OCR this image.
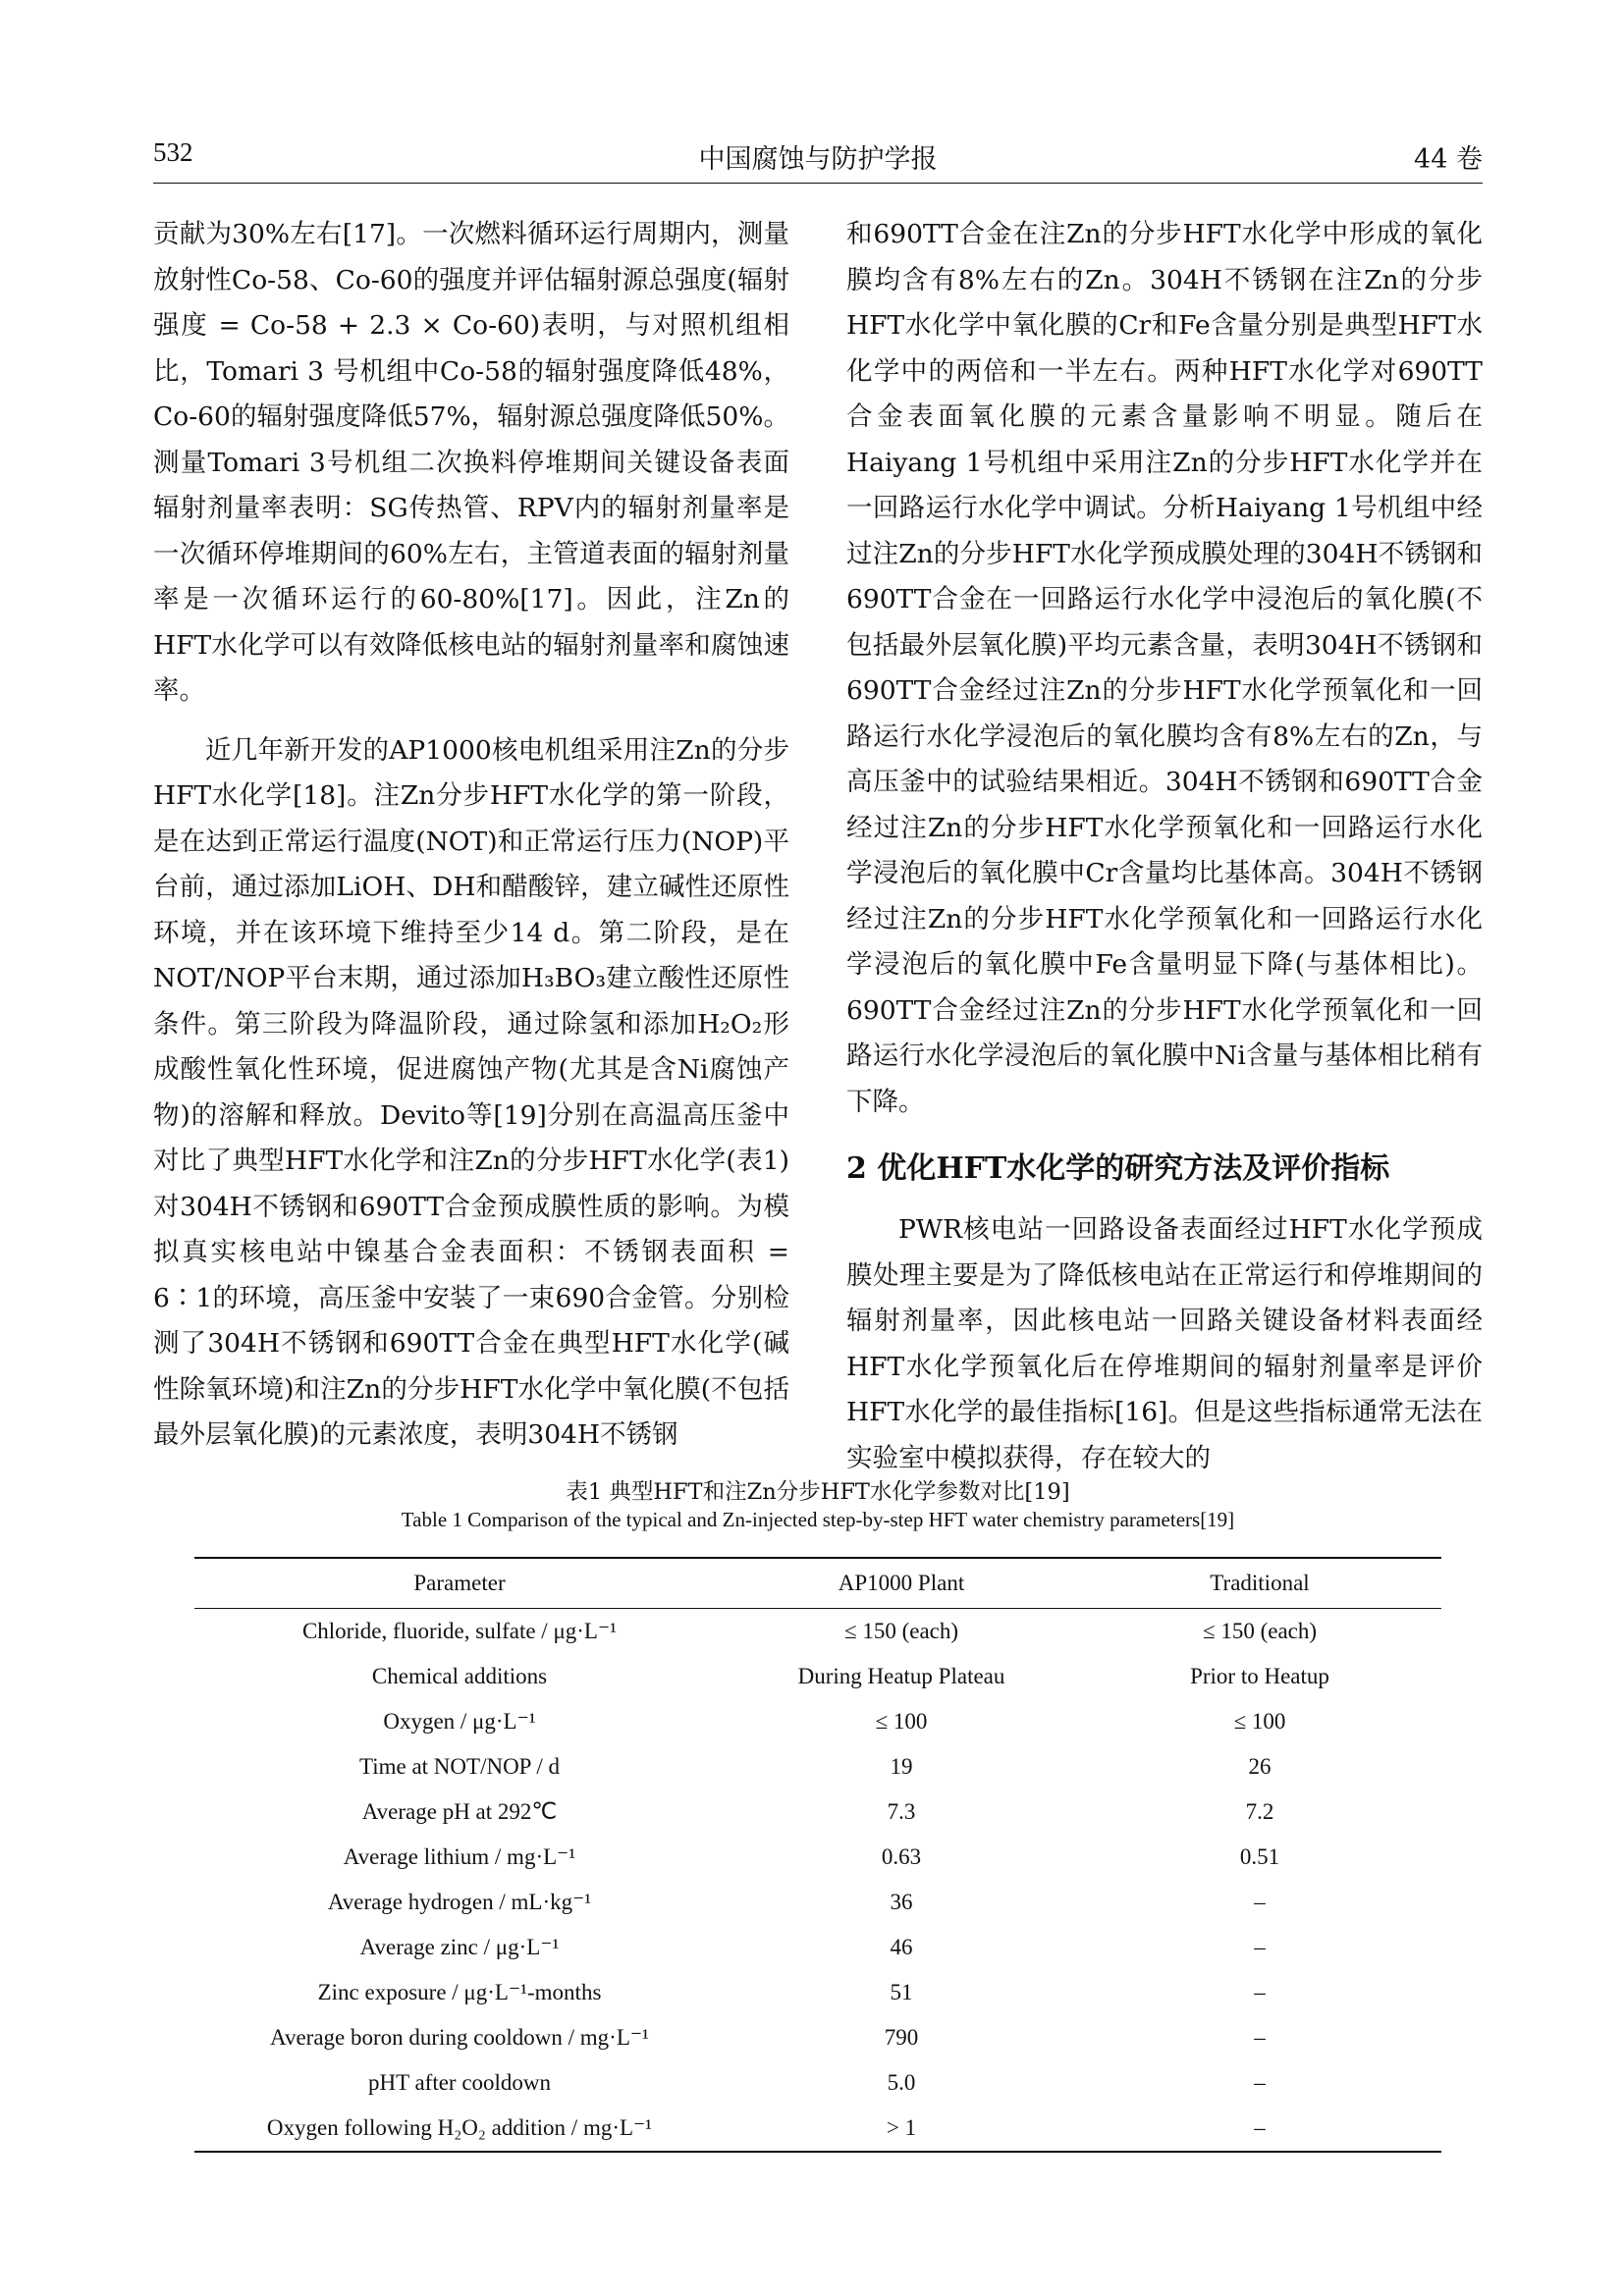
中国腐蚀与防护学报
532	44 卷

贡献为30%左右[17]。一次燃料循环运行周期内，测量放射性Co-58、Co-60的强度并评估辐射源总强度(辐射强度 = Co-58 + 2.3 × Co-60)表明，与对照机组相比，Tomari 3 号机组中Co-58的辐射强度降低48%，Co-60的辐射强度降低57%，辐射源总强度降低50%。测量Tomari 3号机组二次换料停堆期间关键设备表面辐射剂量率表明：SG传热管、RPV内的辐射剂量率是一次循环停堆期间的60%左右，主管道表面的辐射剂量率是一次循环运行的60-80%[17]。因此，注Zn的HFT水化学可以有效降低核电站的辐射剂量率和腐蚀速率。

近几年新开发的AP1000核电机组采用注Zn的分步HFT水化学[18]。注Zn分步HFT水化学的第一阶段，是在达到正常运行温度(NOT)和正常运行压力(NOP)平台前，通过添加LiOH、DH和醋酸锌，建立碱性还原性环境，并在该环境下维持至少14 d。第二阶段，是在NOT/NOP平台末期，通过添加H₃BO₃建立酸性还原性条件。第三阶段为降温阶段，通过除氢和添加H₂O₂形成酸性氧化性环境，促进腐蚀产物(尤其是含Ni腐蚀产物)的溶解和释放。Devito等[19]分别在高温高压釜中对比了典型HFT水化学和注Zn的分步HFT水化学(表1)对304H不锈钢和690TT合金预成膜性质的影响。为模拟真实核电站中镍基合金表面积：不锈钢表面积 = 6∶1的环境，高压釜中安装了一束690合金管。分别检测了304H不锈钢和690TT合金在典型HFT水化学(碱性除氧环境)和注Zn的分步HFT水化学中氧化膜(不包括最外层氧化膜)的元素浓度，表明304H不锈钢

和690TT合金在注Zn的分步HFT水化学中形成的氧化膜均含有8%左右的Zn。304H不锈钢在注Zn的分步HFT水化学中氧化膜的Cr和Fe含量分别是典型HFT水化学中的两倍和一半左右。两种HFT水化学对690TT合金表面氧化膜的元素含量影响不明显。随后在Haiyang 1号机组中采用注Zn的分步HFT水化学并在一回路运行水化学中调试。分析Haiyang 1号机组中经过注Zn的分步HFT水化学预成膜处理的304H不锈钢和690TT合金在一回路运行水化学中浸泡后的氧化膜(不包括最外层氧化膜)平均元素含量，表明304H不锈钢和690TT合金经过注Zn的分步HFT水化学预氧化和一回路运行水化学浸泡后的氧化膜均含有8%左右的Zn，与高压釜中的试验结果相近。304H不锈钢和690TT合金经过注Zn的分步HFT水化学预氧化和一回路运行水化学浸泡后的氧化膜中Cr含量均比基体高。304H不锈钢经过注Zn的分步HFT水化学预氧化和一回路运行水化学浸泡后的氧化膜中Fe含量明显下降(与基体相比)。690TT合金经过注Zn的分步HFT水化学预氧化和一回路运行水化学浸泡后的氧化膜中Ni含量与基体相比稍有下降。

2 优化HFT水化学的研究方法及评价指标

PWR核电站一回路设备表面经过HFT水化学预成膜处理主要是为了降低核电站在正常运行和停堆期间的辐射剂量率，因此核电站一回路关键设备材料表面经HFT水化学预氧化后在停堆期间的辐射剂量率是评价HFT水化学的最佳指标[16]。但是这些指标通常无法在实验室中模拟获得，存在较大的

表1 典型HFT和注Zn分步HFT水化学参数对比[19]
Table 1 Comparison of the typical and Zn-injected step-by-step HFT water chemistry parameters[19]
Parameter	AP1000 Plant	Traditional
Chloride, fluoride, sulfate / μg·L⁻¹	≤ 150 (each)	≤ 150 (each)
Chemical additions	During Heatup Plateau	Prior to Heatup
Oxygen / μg·L⁻¹	≤ 100	≤ 100
Time at NOT/NOP / d	19	26
Average pH at 292℃	7.3	7.2
Average lithium / mg·L⁻¹	0.63	0.51
Average hydrogen / mL·kg⁻¹	36	–
Average zinc / μg·L⁻¹	46	–
Zinc exposure / μg·L⁻¹-months	51	–
Average boron during cooldown / mg·L⁻¹	790	–
pHT after cooldown	5.0	–
Oxygen following H₂O₂ addition / mg·L⁻¹	> 1	–
